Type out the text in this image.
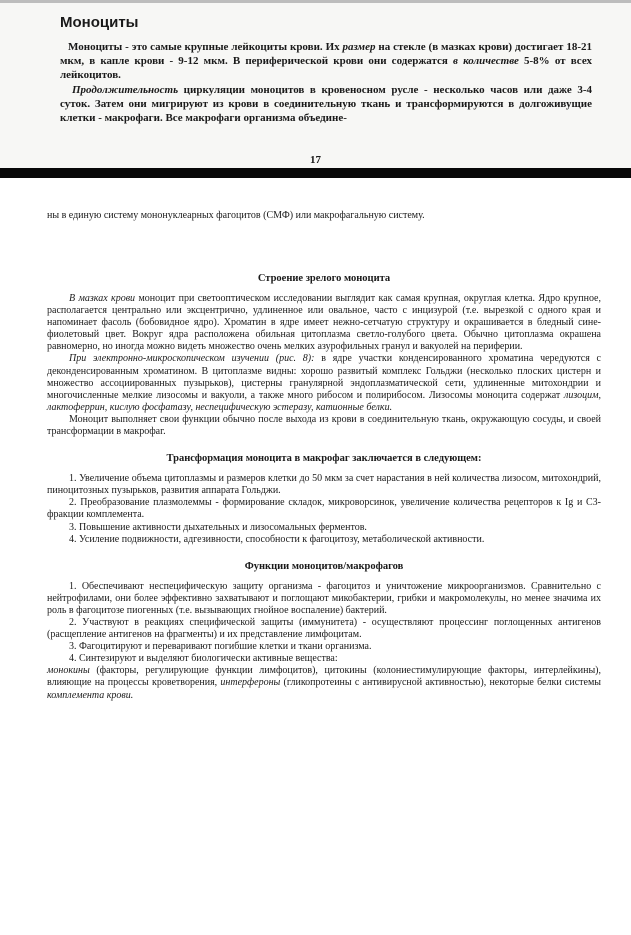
Моноциты

Моноциты - это самые крупные лейкоциты крови. Их размер на стекле (в мазках крови) достигает 18-21 мкм, в капле крови - 9-12 мкм. В периферической крови они содержатся в количестве 5-8% от всех лейкоцитов.

Продолжительность циркуляции моноцитов в кровеносном русле - несколько часов или даже 3-4 суток. Затем они мигрируют из крови в соединительную ткань и трансформируются в долгоживущие клетки - макрофаги. Все макрофаги организма объедине-

17

ны в единую систему мононуклеарных фагоцитов (СМФ) или макрофагальную систему.

Строение зрелого моноцита

В мазках крови моноцит при светооптическом исследовании выглядит как самая крупная, округлая клетка. Ядро крупное, располагается центрально или эксцентрично, удлиненное или овальное, часто с инцизурой (т.е. вырезкой с одного края и напоминает фасоль (бобовидное ядро). Хроматин в ядре имеет нежно-сетчатую структуру и окрашивается в бледный сине-фиолетовый цвет. Вокруг ядра расположена обильная цитоплазма светло-голубого цвета. Обычно цитоплазма окрашена равномерно, но иногда можно видеть множество очень мелких азурофильных гранул и вакуолей на периферии.

При электронно-микроскопическом изучении (рис. 8): в ядре участки конденсированного хроматина чередуются с деконденсированным хроматином. В цитоплазме видны: хорошо развитый комплекс Гольджи (несколько плоских цистерн и множество ассоциированных пузырьков), цистерны гранулярной эндоплазматической сети, удлиненные митохондрии и многочисленные мелкие лизосомы и вакуоли, а также много рибосом и полирибосом. Лизосомы моноцита содержат лизоцим, лактоферрин, кислую фосфатазу, неспецифическую эстеразу, катионные белки.

Моноцит выполняет свои функции обычно после выхода из крови в соединительную ткань, окружающую сосуды, и своей трансформации в макрофаг.

Трансформация моноцита в макрофаг заключается в следующем:

1. Увеличение объема цитоплазмы и размеров клетки до 50 мкм за счет нарастания в ней количества лизосом, митохондрий, пиноцитозных пузырьков, развития аппарата Гольджи.

2. Преобразование плазмолеммы - формирование складок, микроворсинок, увеличение количества рецепторов к Ig и С3-фракции комплемента.

3. Повышение активности дыхательных и лизосомальных ферментов.

4. Усиление подвижности, адгезивности, способности к фагоцитозу, метаболической активности.

Функции моноцитов/макрофагов

1. Обеспечивают неспецифическую защиту организма - фагоцитоз и уничтожение микроорганизмов. Сравнительно с нейтрофилами, они более эффективно захватывают и поглощают микобактерии, грибки и макромолекулы, но менее значима их роль в фагоцитозе пиогенных (т.е. вызывающих гнойное воспаление) бактерий.

2. Участвуют в реакциях специфической защиты (иммунитета) - осуществляют процессинг поглощенных антигенов (расщепление антигенов на фрагменты) и их представление лимфоцитам.

3. Фагоцитируют и переваривают погибшие клетки и ткани организма.

4. Синтезируют и выделяют биологически активные вещества:

монокины (факторы, регулирующие функции лимфоцитов), цитокины (колониестимулирующие факторы, интерлейкины), влияющие на процессы кроветворения, интерфероны (гликопротеины с антивирусной активностью), некоторые белки системы комплемента крови.
